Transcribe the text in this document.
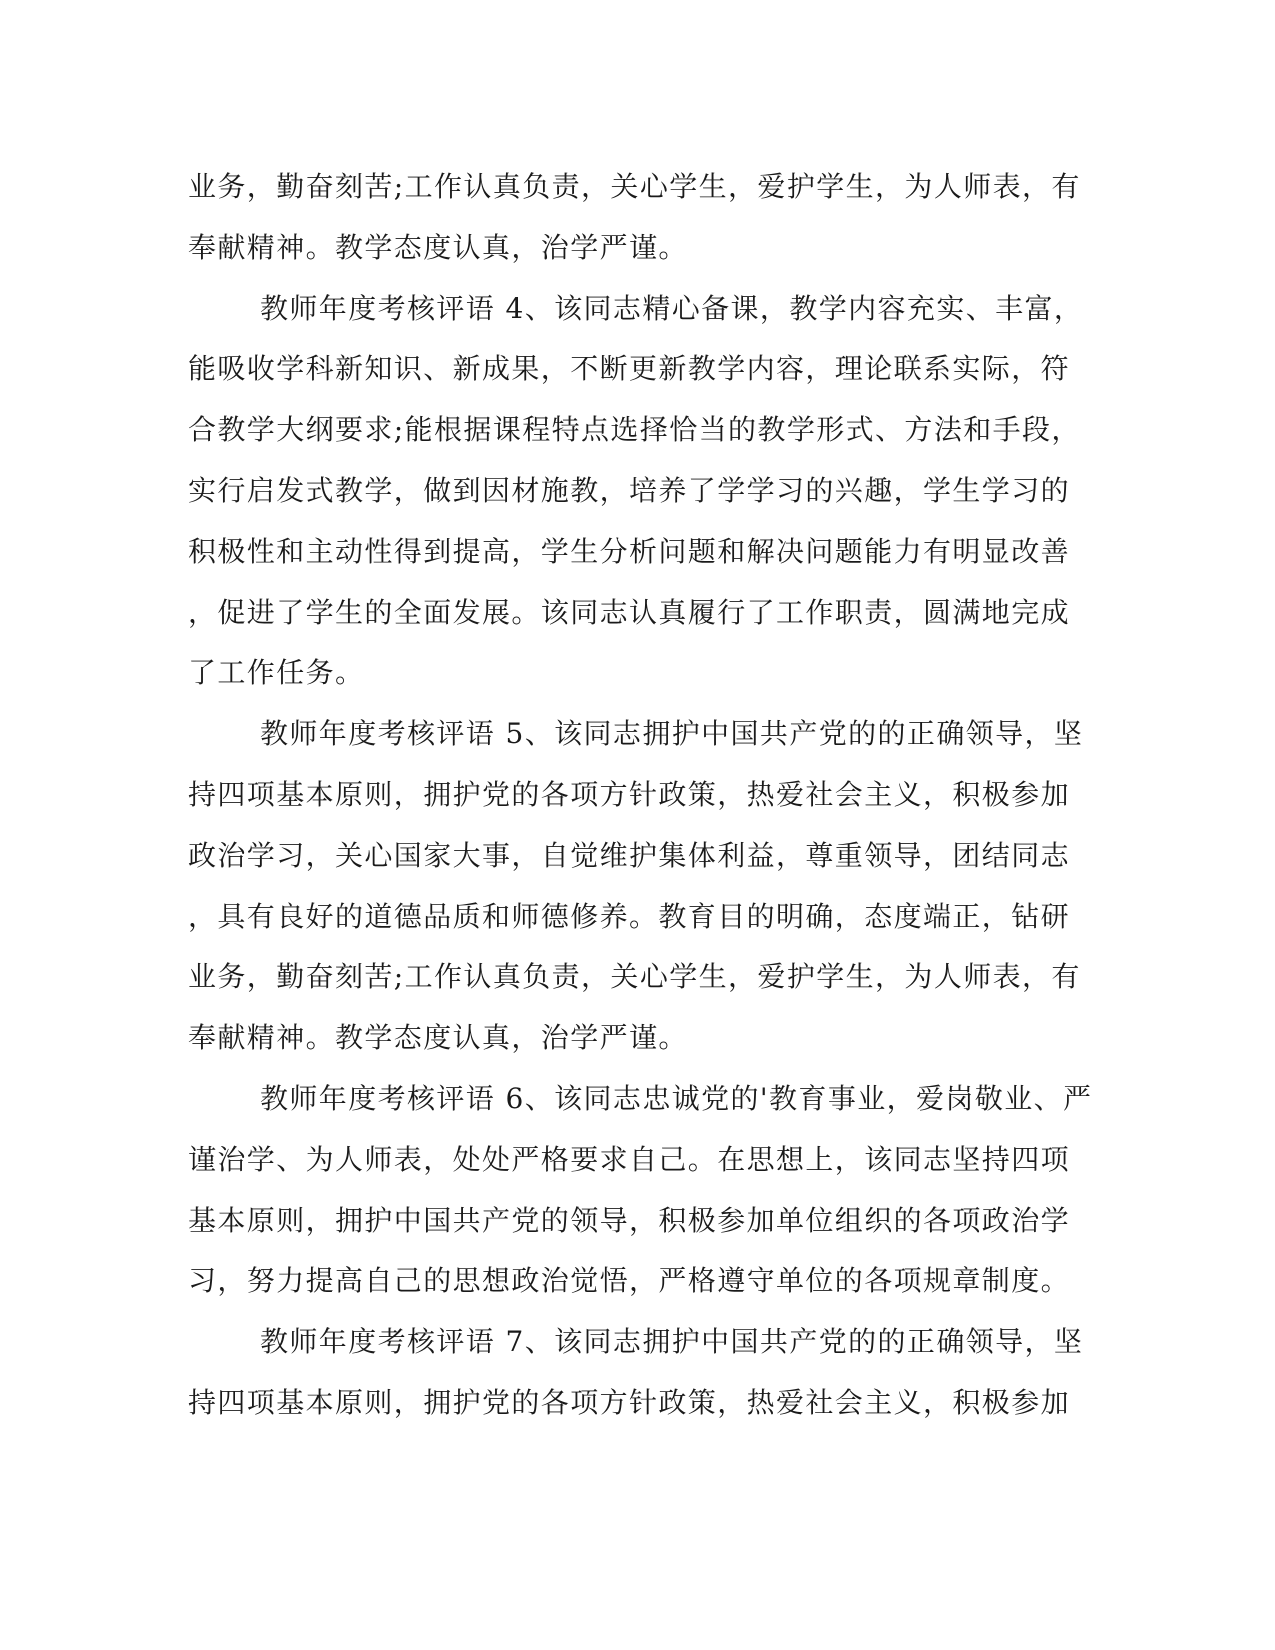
业务，勤奋刻苦;工作认真负责，关心学生，爱护学生，为人师表，有
奉献精神。教学态度认真，治学严谨。
教师年度考核评语 4、该同志精心备课，教学内容充实、丰富，
能吸收学科新知识、新成果，不断更新教学内容，理论联系实际，符
合教学大纲要求;能根据课程特点选择恰当的教学形式、方法和手段，
实行启发式教学，做到因材施教，培养了学学习的兴趣，学生学习的
积极性和主动性得到提高，学生分析问题和解决问题能力有明显改善
，促进了学生的全面发展。该同志认真履行了工作职责，圆满地完成
了工作任务。
教师年度考核评语 5、该同志拥护中国共产党的的正确领导，坚
持四项基本原则，拥护党的各项方针政策，热爱社会主义，积极参加
政治学习，关心国家大事，自觉维护集体利益，尊重领导，团结同志
，具有良好的道德品质和师德修养。教育目的明确，态度端正，钻研
业务，勤奋刻苦;工作认真负责，关心学生，爱护学生，为人师表，有
奉献精神。教学态度认真，治学严谨。
教师年度考核评语 6、该同志忠诚党的'教育事业，爱岗敬业、严
谨治学、为人师表，处处严格要求自己。在思想上，该同志坚持四项
基本原则，拥护中国共产党的领导，积极参加单位组织的各项政治学
习，努力提高自己的思想政治觉悟，严格遵守单位的各项规章制度。
教师年度考核评语 7、该同志拥护中国共产党的的正确领导，坚
持四项基本原则，拥护党的各项方针政策，热爱社会主义，积极参加
